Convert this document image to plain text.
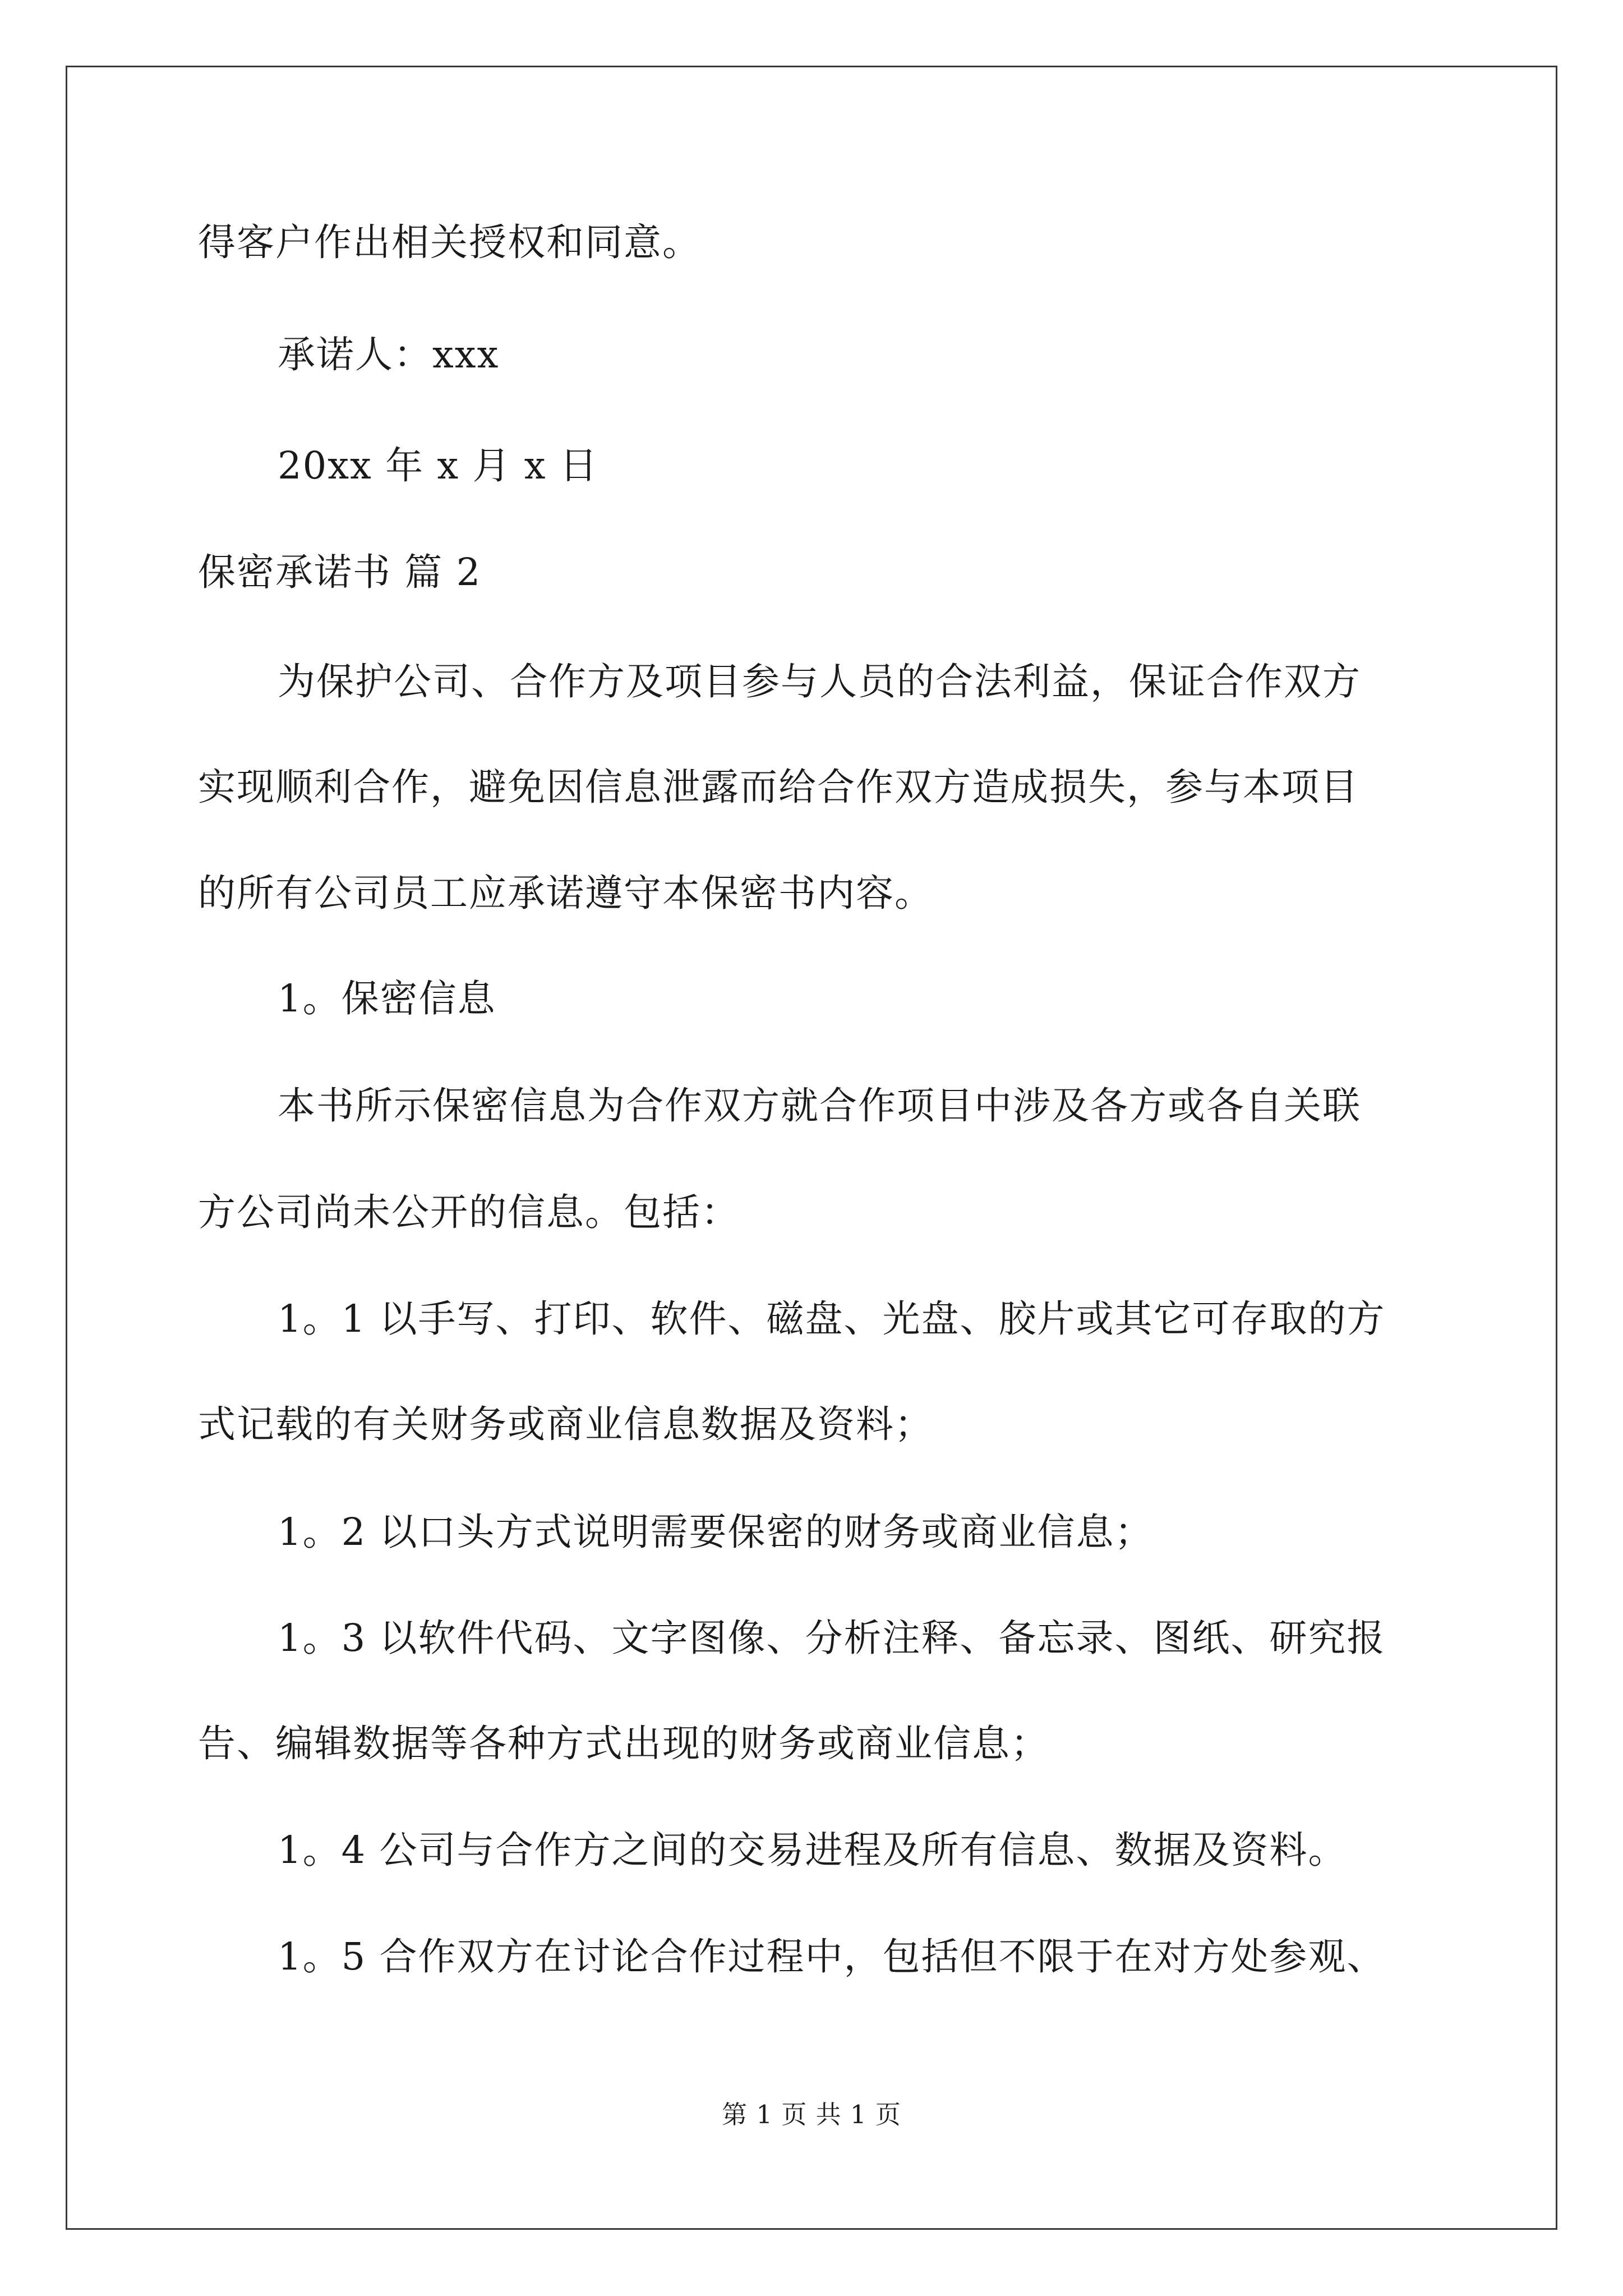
得客户作出相关授权和同意。
承诺人：xxx
20xx 年 x 月 x 日
保密承诺书 篇 2
为保护公司、合作方及项目参与人员的合法利益，保证合作双方
实现顺利合作，避免因信息泄露而给合作双方造成损失，参与本项目
的所有公司员工应承诺遵守本保密书内容。
1。保密信息
本书所示保密信息为合作双方就合作项目中涉及各方或各自关联
方公司尚未公开的信息。包括：
1。1 以手写、打印、软件、磁盘、光盘、胶片或其它可存取的方
式记载的有关财务或商业信息数据及资料；
1。2 以口头方式说明需要保密的财务或商业信息；
1。3 以软件代码、文字图像、分析注释、备忘录、图纸、研究报
告、编辑数据等各种方式出现的财务或商业信息；
1。4 公司与合作方之间的交易进程及所有信息、数据及资料。
1。5 合作双方在讨论合作过程中，包括但不限于在对方处参观、
第 1 页 共 1 页
